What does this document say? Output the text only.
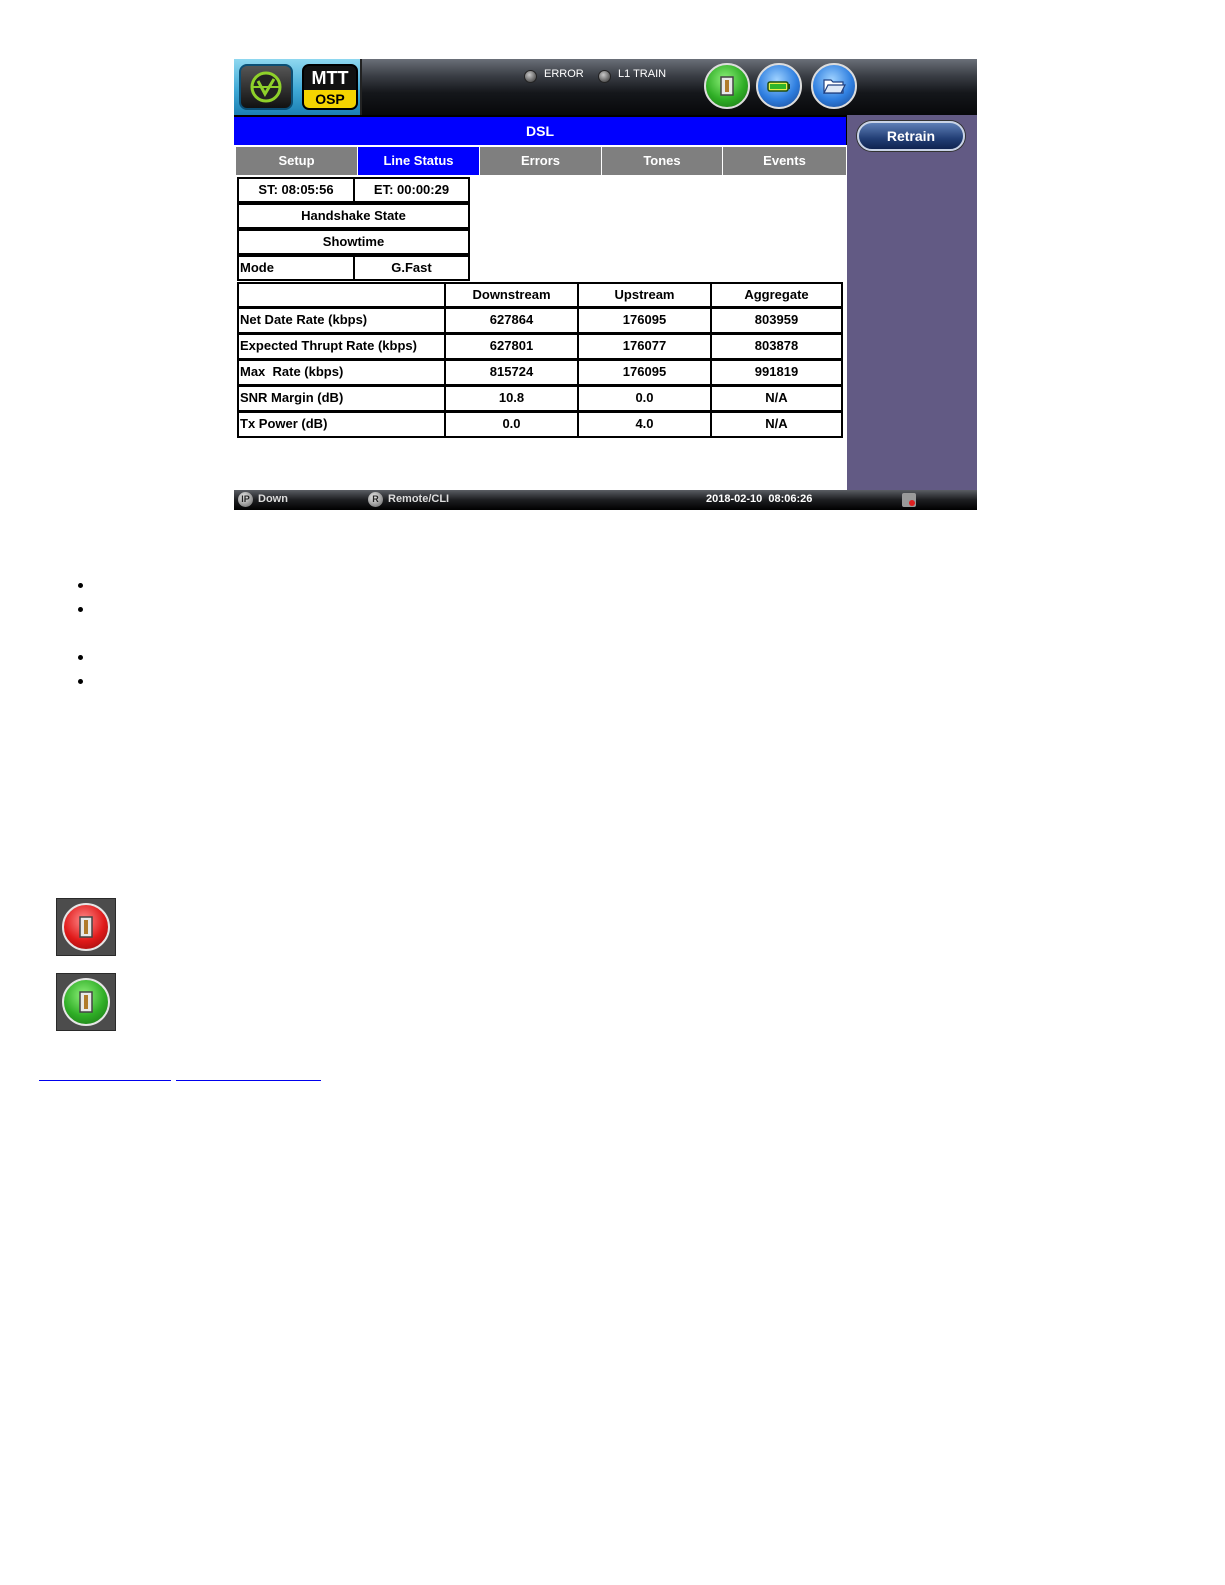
MTT
OSP
ERROR	L1 TRAIN
DSL	Retrain
Setup	Line Status	Errors	Tones	Events
ST: 08:05:56	ET: 00:00:29
Handshake State
Showtime
Mode	G.Fast
Downstream	Upstream	Aggregate
Net Date Rate (kbps)	627864	176095	803959
Expected Thrupt Rate (kbps)	627801	176077	803878
Max  Rate (kbps)	815724	176095	991819
SNR Margin (dB)	10.8	0.0	N/A
Tx Power (dB)	0.0	4.0	N/A
IP Down	R Remote/CLI	2018-02-10  08:06:26
